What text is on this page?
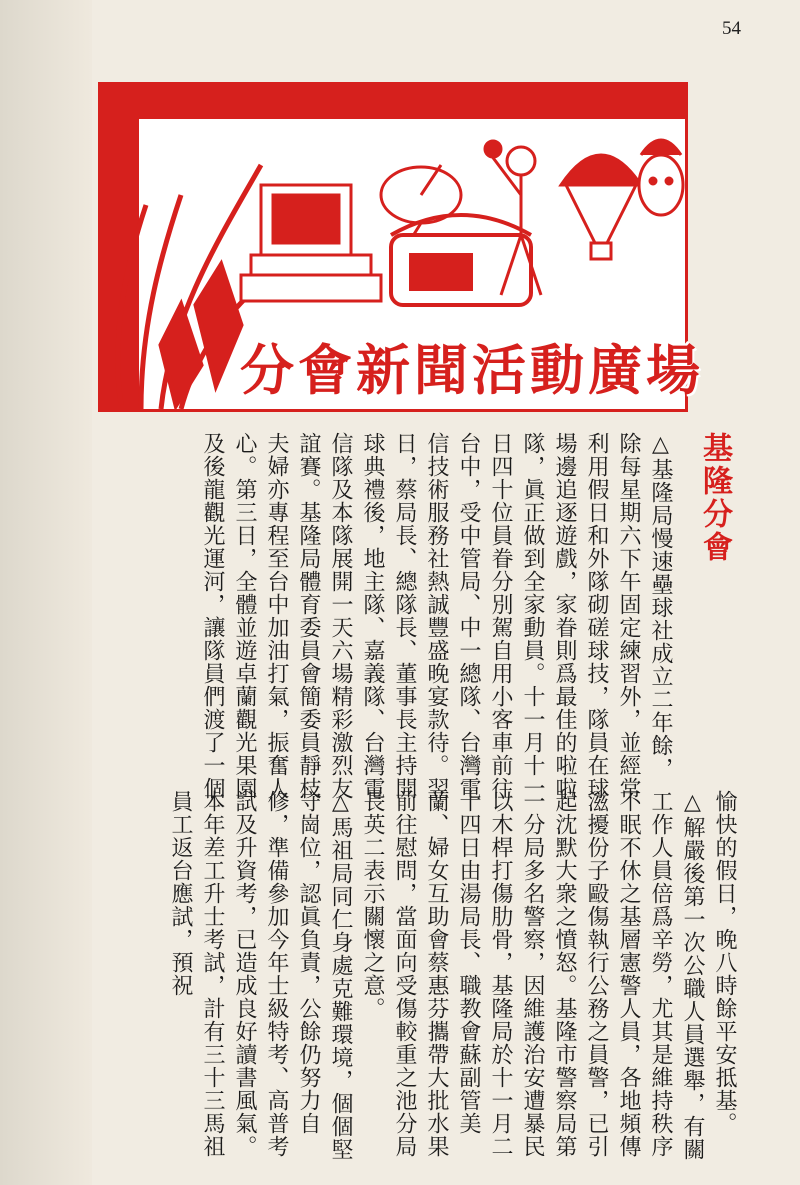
54
分會新聞活動廣場
基隆分會

△基隆局慢速壘球社成立二年餘，除每星期六下午固定練習外，並經常利用假日和外隊砌磋球技，隊員在球場邊追逐遊戲，家眷則爲最佳的啦啦隊，眞正做到全家動員。十一月十一日四十位員眷分別駕自用小客車前往台中，受中管局、中一總隊、台灣電信技術服務社熱誠豐盛晚宴款待。翌日，蔡局長、總隊長、董事長主持開球典禮後，地主隊、嘉義隊、台灣電信隊及本隊展開一天六場精彩激烈友誼賽。基隆局體育委員會簡委員靜枝夫婦亦專程至台中加油打氣，振奮人心。第三日，全體並遊卓蘭觀光果園及後龍觀光運河，讓隊員們渡了一個

愉快的假日，晚八時餘平安抵基。

△解嚴後第一次公職人員選舉，有關工作人員倍爲辛勞，尤其是維持秩序不眠不休之基層憲警人員，各地頻傳滋擾份子毆傷執行公務之員警，已引起沈默大衆之憤怒。基隆市警察局第一分局多名警察，因維護治安遭暴民以木桿打傷肋骨，基隆局於十一月二十四日由湯局長、職教會蘇副管美蘭、婦女互助會蔡惠芬攜帶大批水果前往慰問，當面向受傷較重之池分局長英二表示關懷之意。

△馬祖局同仁身處克難環境，個個堅守崗位，認眞負責，公餘仍努力自修，準備參加今年士級特考、高普考試及升資考，已造成良好讀書風氣。本年差工升士考試，計有三十三馬祖員工返台應試，預祝
